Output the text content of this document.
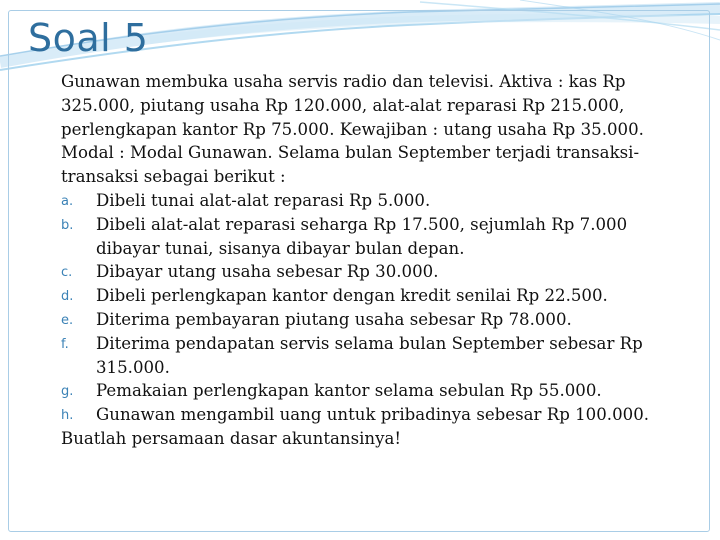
Soal 5

Gunawan membuka usaha servis radio dan televisi. Aktiva : kas Rp 325.000, piutang usaha Rp 120.000, alat-alat reparasi Rp 215.000, perlengkapan kantor Rp 75.000. Kewajiban : utang usaha Rp 35.000. Modal : Modal Gunawan. Selama bulan September terjadi transaksi-transaksi sebagai berikut :

a. Dibeli tunai alat-alat reparasi Rp 5.000.
b. Dibeli alat-alat reparasi seharga Rp 17.500, sejumlah Rp 7.000 dibayar tunai, sisanya dibayar bulan depan.
c. Dibayar utang usaha sebesar Rp 30.000.
d. Dibeli perlengkapan kantor dengan kredit senilai Rp 22.500.
e. Diterima pembayaran piutang usaha sebesar Rp 78.000.
f. Diterima pendapatan servis selama bulan September sebesar Rp 315.000.
g. Pemakaian perlengkapan kantor selama sebulan Rp 55.000.
h. Gunawan mengambil uang untuk pribadinya sebesar Rp 100.000.

Buatlah persamaan dasar akuntansinya!
